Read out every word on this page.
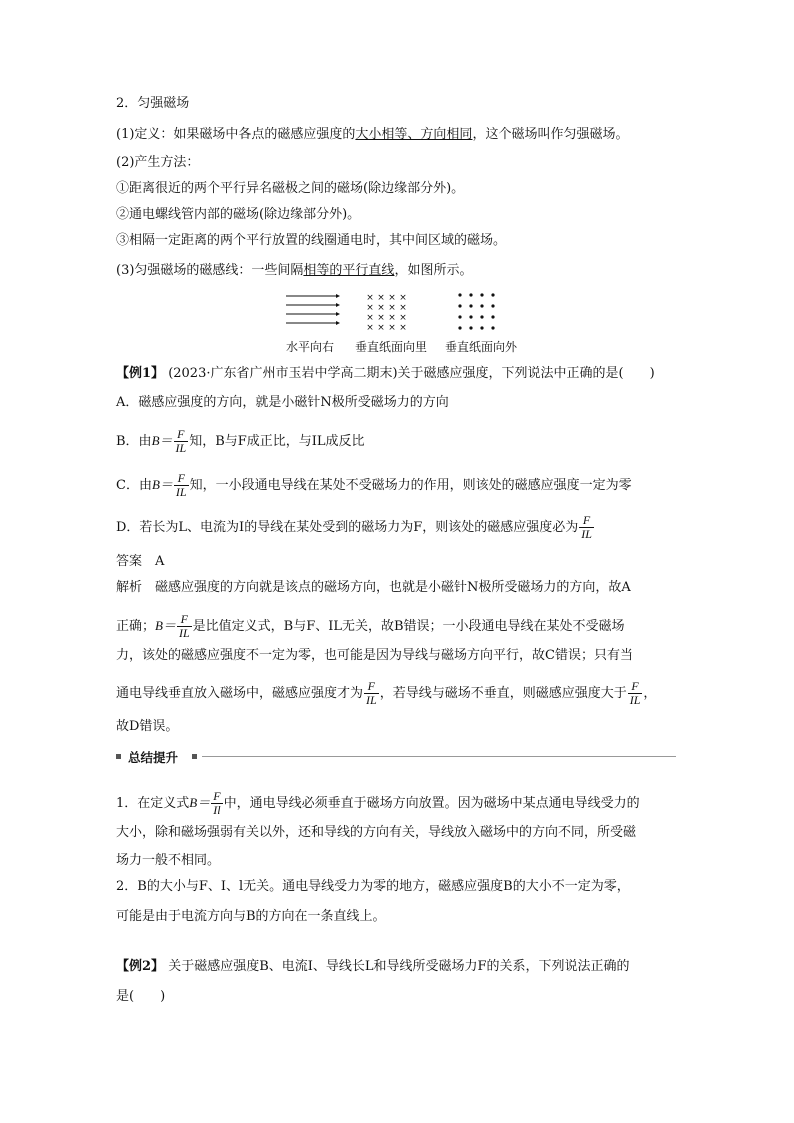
2．匀强磁场
(1)定义：如果磁场中各点的磁感应强度的大小相等、方向相同，这个磁场叫作匀强磁场。
(2)产生方法：
①距离很近的两个平行异名磁极之间的磁场(除边缘部分外)。
②通电螺线管内部的磁场(除边缘部分外)。
③相隔一定距离的两个平行放置的线圈通电时，其中间区域的磁场。
(3)匀强磁场的磁感线：一些间隔相等的平行直线，如图所示。
× × × ×
× × × ×
× × × ×
× × × ×
水平向右 垂直纸面向里 垂直纸面向外
【例1】 (2023·广东省广州市玉岩中学高二期末)关于磁感应强度，下列说法中正确的是(　　)
A．磁感应强度的方向，就是小磁针N极所受磁场力的方向
B．由$B= \frac{F}{IL}$ 知，B与F成正比，与IL成反比
C．由$B= \frac{F}{IL}$ 知，一小段通电导线在某处不受磁场力的作用，则该处的磁感应强度一定为零
D．若长为L、电流为I的导线在某处受到的磁场力为F，则该处的磁感应强度必为 $\frac{F}{IL}$
答案　 A
解析　 磁感应强度的方向就是该点的磁场方向，也就是小磁针N极所受磁场力的方向，故A
正确；$B= \frac{F}{IL}$ 是比值定义式，B与F、IL无关，故B错误；一小段通电导线在某处不受磁场
力，该处的磁感应强度不一定为零，也可能是因为导线与磁场方向平行，故C错误；只有当
通电导线垂直放入磁场中，磁感应强度才为 $\frac{F}{IL}$ ，若导线与磁场不垂直，则磁感应强度大于 $\frac{F}{IL}$ ，
故D错误。
总结提升
1．在定义式$B= \frac{F}{Il}$ 中，通电导线必须垂直于磁场方向放置。因为磁场中某点通电导线受力的
大小，除和磁场强弱有关以外，还和导线的方向有关，导线放入磁场中的方向不同，所受磁
场力一般不相同。
2．B的大小与F、I、l无关。通电导线受力为零的地方，磁感应强度B的大小不一定为零，
可能是由于电流方向与B的方向在一条直线上。
【例2】 关于磁感应强度B、电流I、导线长L和导线所受磁场力F的关系，下列说法正确的
是(　　)
